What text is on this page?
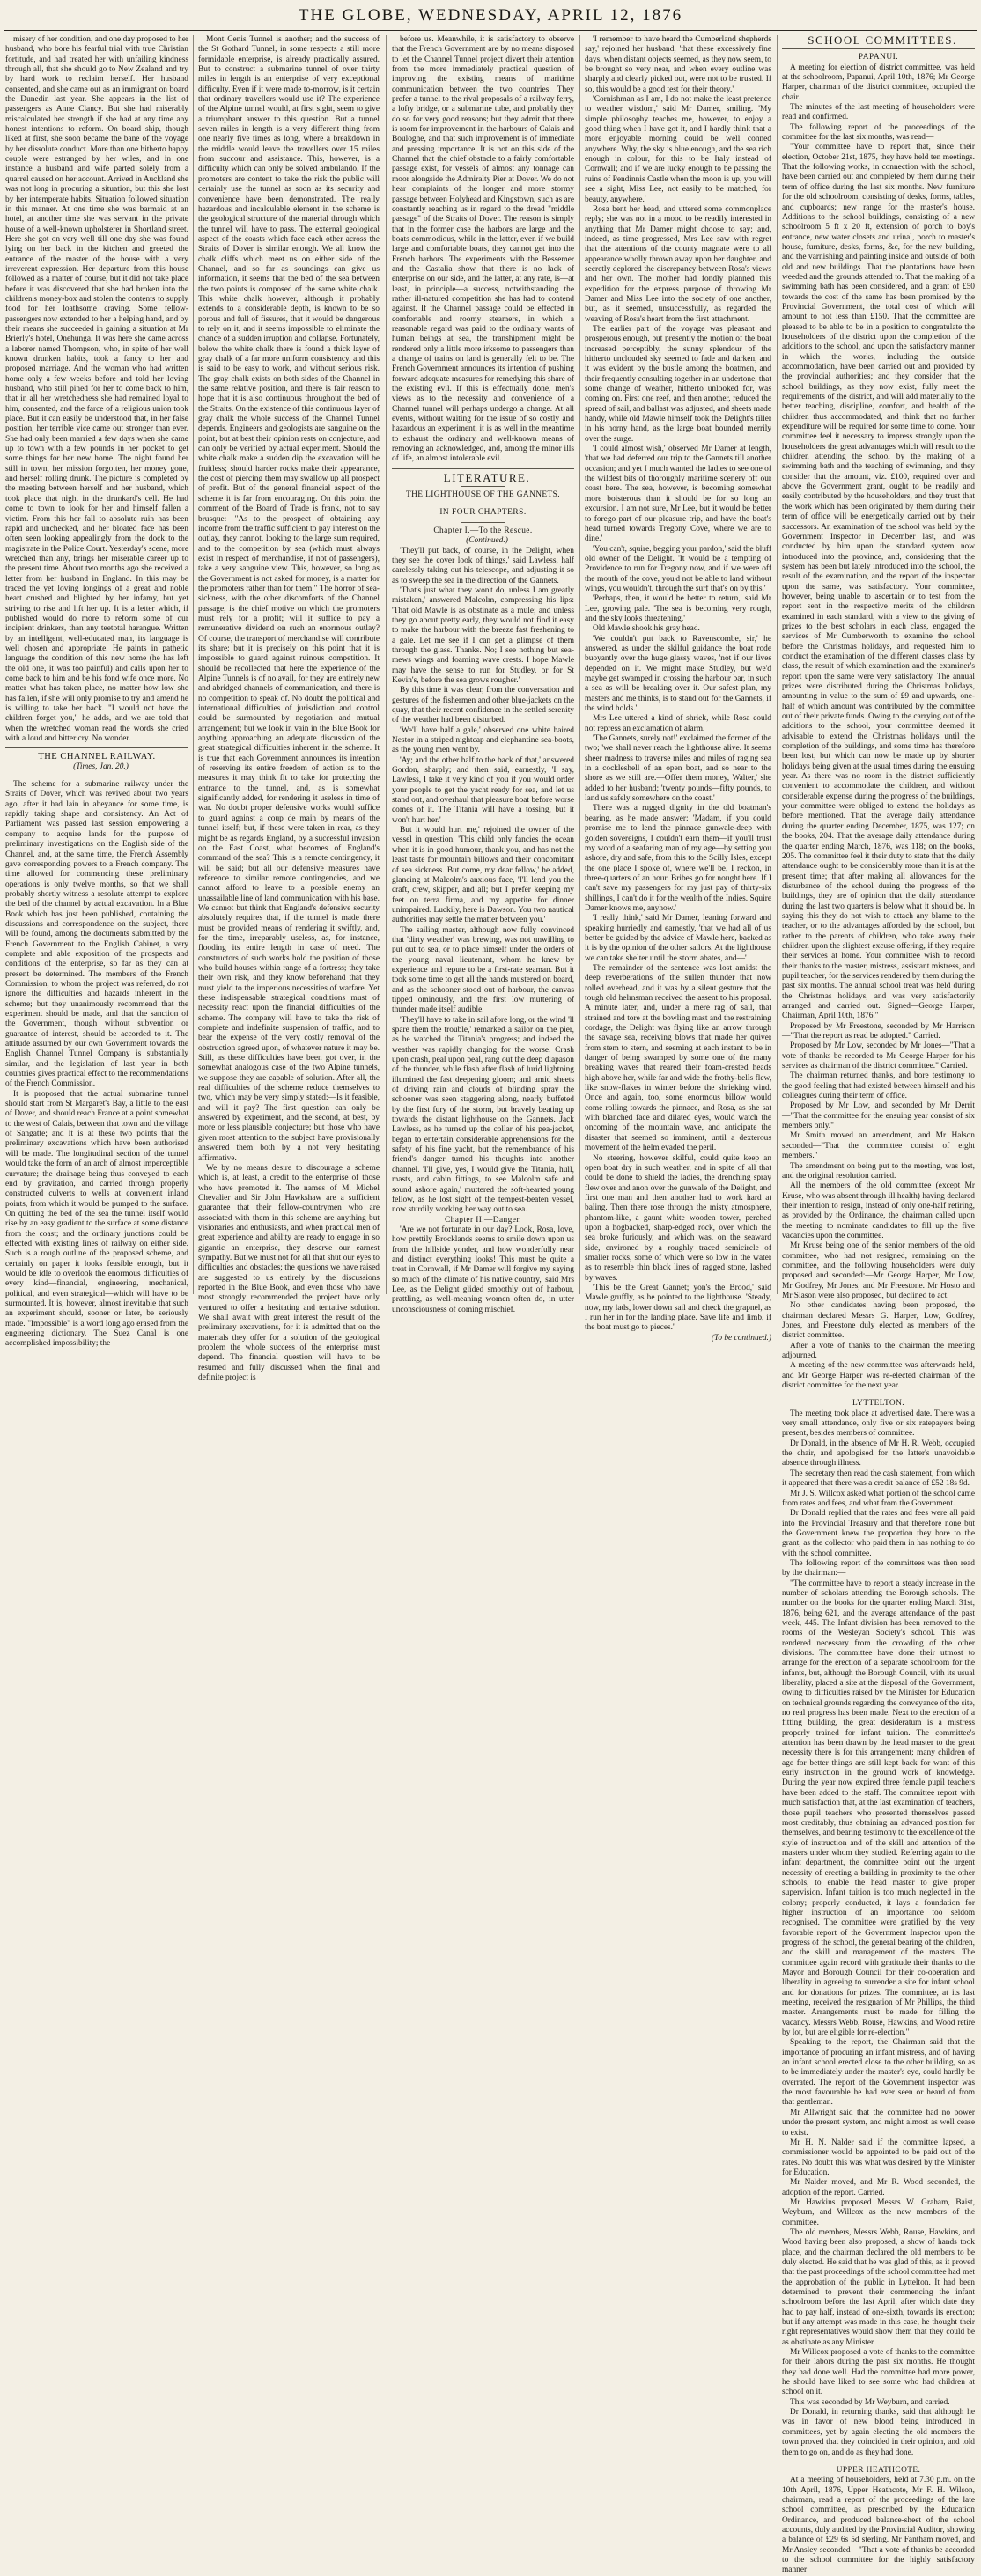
THE GLOBE, WEDNESDAY, APRIL 12, 1876

misery of her condition, and one day proposed to her husband, who bore his fearful trial with true Christian fortitude, and had treated her with unfailing kindness through all, that she should go to New Zealand and try by hard work to reclaim herself. Her husband consented, and she came out as an immigrant on board the Dunedin last year. She appears in the list of passengers as Anne Clancy. But she had miserably miscalculated her strength if she had at any time any honest intentions to reform. On board ship, though liked at first, she soon became the bane of the voyage by her dissolute conduct. More than one hitherto happy couple were estranged by her wiles, and in one instance a husband and wife parted solely from a quarrel caused on her account. Arrived in Auckland she was not long in procuring a situation, but this she lost by her intemperate habits. Situation followed situation in this manner. At one time she was barmaid at an hotel, at another time she was servant in the private house of a well-known upholsterer in Shortland street. Here she got on very well till one day she was found lying on her back in the kitchen and greeted the entrance of the master of the house with a very irreverent expression. Her departure from this house followed as a matter of course, but it did not take place before it was discovered that she had broken into the children's money-box and stolen the contents to supply food for her loathsome craving. Some fellow-passengers now extended to her a helping hand, and by their means she succeeded in gaining a situation at Mr Brierly's hotel, Onehunga. It was here she came across a laborer named Thompson, who, in spite of her well known drunken habits, took a fancy to her and proposed marriage. And the woman who had written home only a few weeks before and told her loving husband, who still pined for her to come back to him, that in all her wretchedness she had remained loyal to him, consented, and the farce of a religious union took place. But it can easily be understood that, in her false position, her terrible vice came out stronger than ever. She had only been married a few days when she came up to town with a few pounds in her pocket to get some things for her new home. The night found her still in town, her mission forgotten, her money gone, and herself rolling drunk. The picture is completed by the meeting between herself and her husband, which took place that night in the drunkard's cell. He had come to town to look for her and himself fallen a victim. From this her fall to absolute ruin has been rapid and unchecked, and her bloated face has been often seen looking appealingly from the dock to the magistrate in the Police Court. Yesterday's scene, more wretched than any, brings her miserable career up to the present time. About two months ago she received a letter from her husband in England. In this may be traced the yet loving longings of a great and noble heart crushed and blighted by her infamy, but yet striving to rise and lift her up. It is a letter which, if published would do more to reform some of our incipient drinkers, than any teetotal harangue. Written by an intelligent, well-educated man, its language is well chosen and appropriate. He paints in pathetic language the condition of this new home (he has left the old one, it was too painful) and calls upon her to come back to him and be his fond wife once more. No matter what has taken place, no matter how low she has fallen, if she will only promise to try and amend he is willing to take her back. "I would not have the children forget you," he adds, and we are told that when the wretched woman read the words she cried with a loud and bitter cry. No wonder.

THE CHANNEL RAILWAY.

(Times, Jan. 20.)

The scheme for a submarine railway under the Straits of Dover, which was revived about two years ago, after it had lain in abeyance for some time, is rapidly taking shape and consistency. An Act of Parliament was passed last session empowering a company to acquire lands for the purpose of preliminary investigations on the English side of the Channel, and, at the same time, the French Assembly gave corresponding powers to a French company. The time allowed for commencing these preliminary operations is only twelve months, so that we shall probably shortly witness a resolute attempt to explore the bed of the channel by actual excavation. In a Blue Book which has just been published, containing the discussions and correspondence on the subject, there will be found, among the documents submitted by the French Government to the English Cabinet, a very complete and able exposition of the prospects and conditions of the enterprise, so far as they can at present be determined. The members of the French Commission, to whom the project was referred, do not ignore the difficulties and hazards inherent in the scheme; but they unanimously recommend that the experiment should be made, and that the sanction of the Government, though without subvention or guarantee of interest, should be accorded to it. The attitude assumed by our own Government towards the English Channel Tunnel Company is substantially similar, and the legislation of last year in both countries gives practical effect to the recommendations of the French Commission.

It is proposed that the actual submarine tunnel should start from St Margaret's Bay, a little to the east of Dover, and should reach France at a point somewhat to the west of Calais, between that town and the village of Sangatte; and it is at these two points that the preliminary excavations which have been authorised will be made. The longitudinal section of the tunnel would take the form of an arch of almost imperceptible curvature; the drainage being thus conveyed to each end by gravitation, and carried through properly constructed culverts to wells at convenient inland points, from which it would be pumped to the surface. On quitting the bed of the sea the tunnel itself would rise by an easy gradient to the surface at some distance from the coast; and the ordinary junctions could be effected with existing lines of railway on either side. Such is a rough outline of the proposed scheme, and certainly on paper it looks feasible enough, but it would be idle to overlook the enormous difficulties of every kind—financial, engineering, mechanical, political, and even strategical—which will have to be surmounted. It is, however, almost inevitable that such an experiment should, sooner or later, be seriously made. "Impossible" is a word long ago erased from the engineering dictionary. The Suez Canal is one accomplished impossibility; the

Mont Cenis Tunnel is another; and the success of the St Gothard Tunnel, in some respects a still more formidable enterprise, is already practically assured. But to construct a submarine tunnel of over thirty miles in length is an enterprise of very exceptional difficulty. Even if it were made to-morrow, is it certain that ordinary travellers would use it? The experience of the Alpine tunnel would, at first sight, seem to give a triumphant answer to this question. But a tunnel seven miles in length is a very different thing from one nearly five times as long, where a breakdown in the middle would leave the travellers over 15 miles from succour and assistance. This, however, is a difficulty which can only be solved ambulando. If the promoters are content to take the risk the public will certainly use the tunnel as soon as its security and convenience have been demonstrated. The really hazardous and incalculable element in the scheme is the geological structure of the material through which the tunnel will have to pass. The external geological aspect of the coasts which face each other across the Straits of Dover is similar enough. We all know the chalk cliffs which meet us on either side of the Channel, and so far as soundings can give us information, it seems that the bed of the sea between the two points is composed of the same white chalk. This white chalk however, although it probably extends to a considerable depth, is known to be so porous and full of fissures, that it would be dangerous to rely on it, and it seems impossible to eliminate the chance of a sudden irruption and collapse. Fortunately, below the white chalk there is found a thick layer of gray chalk of a far more uniform consistency, and this is said to be easy to work, and without serious risk. The gray chalk exists on both sides of the Channel in the same relative position, and there is fair reason to hope that it is also continuous throughout the bed of the Straits. On the existence of this continuous layer of gray chalk the whole success of the Channel Tunnel depends. Engineers and geologists are sanguine on the point, but at best their opinion rests on conjecture, and can only be verified by actual experiment. Should the white chalk make a sudden dip the excavation will be fruitless; should harder rocks make their appearance, the cost of piercing them may swallow up all prospect of profit. But of the general financial aspect of the scheme it is far from encouraging. On this point the comment of the Board of Trade is frank, not to say brusque:—"As to the prospect of obtaining any income from the traffic sufficient to pay interest on the outlay, they cannot, looking to the large sum required, and to the competition by sea (which must always exist in respect of merchandise, if not of passengers), take a very sanguine view. This, however, so long as the Government is not asked for money, is a matter for the promoters rather than for them." The horror of sea-sickness, with the other discomforts of the Channel passage, is the chief motive on which the promoters must rely for a profit; will it suffice to pay a remunerative dividend on such an enormous outlay? Of course, the transport of merchandise will contribute its share; but it is precisely on this point that it is impossible to guard against ruinous competition. It should be recollected that here the experience of the Alpine Tunnels is of no avail, for they are entirely new and abridged channels of communication, and there is no competition to speak of. No doubt the political and international difficulties of jurisdiction and control could be surmounted by negotiation and mutual arrangement; but we look in vain in the Blue Book for anything approaching an adequate discussion of the great strategical difficulties inherent in the scheme. It is true that each Government announces its intention of reserving its entire freedom of action as to the measures it may think fit to take for protecting the entrance to the tunnel, and, as is somewhat significantly added, for rendering it useless in time of war. No doubt proper defensive works would suffice to guard against a coup de main by means of the tunnel itself; but, if these were taken in rear, as they might be as regards England, by a successful invasion on the East Coast, what becomes of England's command of the sea? This is a remote contingency, it will be said; but all our defensive measures have reference to similar remote contingencies, and we cannot afford to leave to a possible enemy an unassailable line of land communication with his base. We cannot but think that England's defensive security absolutely requires that, if the tunnel is made there must be provided means of rendering it swiftly, and, for the time, irreparably useless, as, for instance, flooding its entire length in case of need. The constructors of such works hold the position of those who build houses within range of a fortress; they take their own risk, and they know beforehand that they must yield to the imperious necessities of warfare. Yet these indispensable strategical conditions must of necessity react upon the financial difficulties of the scheme. The company will have to take the risk of complete and indefinite suspension of traffic, and to bear the expense of the very costly removal of the obstruction agreed upon, of whatever nature it may be. Still, as these difficulties have been got over, in the somewhat analogous case of the two Alpine tunnels, we suppose they are capable of solution. After all, the real difficulties of the scheme reduce themselves to two, which may be very simply stated:—Is it feasible, and will it pay? The first question can only be answered by experiment, and the second, at best, by more or less plausible conjecture; but those who have given most attention to the subject have provisionally answered them both by a not very hesitating affirmative.

We by no means desire to discourage a scheme which is, at least, a credit to the enterprise of those who have promoted it. The names of M. Michel Chevalier and Sir John Hawkshaw are a sufficient guarantee that their fellow-countrymen who are associated with them in this scheme are anything but visionaries and enthusiasts, and when practical men of great experience and ability are ready to engage in so gigantic an enterprise, they deserve our earnest sympathy. But we must not for all that shut our eyes to difficulties and obstacles; the questions we have raised are suggested to us entirely by the discussions reported in the Blue Book, and even those who have most strongly recommended the project have only ventured to offer a hesitating and tentative solution. We shall await with great interest the result of the preliminary excavations, for it is admitted that on the materials they offer for a solution of the geological problem the whole success of the enterprise must depend. The financial question will have to be resumed and fully discussed when the final and definite project is

before us. Meanwhile, it is satisfactory to observe that the French Government are by no means disposed to let the Channel Tunnel project divert their attention from the more immediately practical question of improving the existing means of maritime communication between the two countries. They prefer a tunnel to the rival proposals of a railway ferry, a lofty bridge, or a submarine tube, and probably they do so for very good reasons; but they admit that there is room for improvement in the harbours of Calais and Boulogne, and that such improvement is of immediate and pressing importance. It is not on this side of the Channel that the chief obstacle to a fairly comfortable passage exist, for vessels of almost any tonnage can moor alongside the Admiralty Pier at Dover. We do not hear complaints of the longer and more stormy passage between Holyhead and Kingstown, such as are constantly reaching us in regard to the dread "middle passage" of the Straits of Dover. The reason is simply that in the former case the harbors are large and the boats commodious, while in the latter, even if we build large and comfortable boats, they cannot get into the French harbors. The experiments with the Bessemer and the Castalia show that there is no lack of enterprise on our side, and the latter, at any rate, is—at least, in principle—a success, notwithstanding the rather ill-natured competition she has had to contend against. If the Channel passage could be effected in comfortable and roomy steamers, in which a reasonable regard was paid to the ordinary wants of human beings at sea, the transhipment might be rendered only a little more irksome to passengers than a change of trains on land is generally felt to be. The French Government announces its intention of pushing forward adequate measures for remedying this share of the existing evil. If this is effectually done, men's views as to the necessity and convenience of a Channel tunnel will perhaps undergo a change. At all events, without waiting for the issue of so costly and hazardous an experiment, it is as well in the meantime to exhaust the ordinary and well-known means of removing an acknowledged, and, among the minor ills of life, an almost intolerable evil.

LITERATURE.

THE LIGHTHOUSE OF THE GANNETS.

IN FOUR CHAPTERS.

Chapter I.—To the Rescue.

(Continued.)

'They'll put back, of course, in the Delight, when they see the cover look of things,' said Lawless, half carelessly taking out his telescope, and adjusting it so as to sweep the sea in the direction of the Gannets.

'That's just what they won't do, unless I am greatly mistaken,' answered Malcolm, compressing his lips: 'That old Mawle is as obstinate as a mule; and unless they go about pretty early, they would not find it easy to make the harbour with the breeze fast freshening to a gale. Let me see if I can get a glimpse of them through the glass. Thanks. No; I see nothing but sea-mews wings and foaming wave crests. I hope Mawle may have the sense to run for Studley, or for St Kevin's, before the sea grows rougher.'

By this time it was clear, from the conversation and gestures of the fishermen and other blue-jackets on the quay, that their recent confidence in the settled serenity of the weather had been disturbed.

'We'll have half a gale,' observed one white haired Nestor in a striped nightcap and elephantine sea-boots, as the young men went by.

'Ay; and the other half to the back of that,' answered Gordon, sharply; and then said, earnestly, 'I say, Lawless, I take it very kind of you if you would order your people to get the yacht ready for sea, and let us stand out, and overhaul that pleasure boat before worse comes of it. The Titania will have a tossing, but it won't hurt her.'

But it would hurt me,' rejoined the owner of the vessel in question. 'This child only fancies the ocean when it is in good humour, thank you, and has not the least taste for mountain billows and their concomitant of sea sickness. But come, my dear fellow,' he added, glancing at Malcolm's anxious face, 'I'll lend you the craft, crew, skipper, and all; but I prefer keeping my feet on terra firma, and my appetite for dinner unimpaired. Luckily, here is Dawson. You two nautical authorities may settle the matter between you.'

The sailing master, although now fully convinced that 'dirty weather' was brewing, was not unwilling to put out to sea, or to place himself under the orders of the young naval lieutenant, whom he knew by experience and repute to be a first-rate seaman. But it took some time to get all the hands mustered on board, and as the schooner stood out of harbour, the canvas tipped ominously, and the first low muttering of thunder made itself audible.

'They'll have to take in sail afore long, or the wind 'll spare them the trouble,' remarked a sailor on the pier, as he watched the Titania's progress; and indeed the weather was rapidly changing for the worse. Crash upon crash, peal upon peal, rang out the deep diapason of the thunder, while flash after flash of lurid lightning illumined the fast deepening gloom; and amid sheets of driving rain and clouds of blinding spray the schooner was seen staggering along, nearly buffeted by the first fury of the storm, but bravely beating up towards the distant lighthouse on the Gannets. Jack Lawless, as he turned up the collar of his pea-jacket, began to entertain considerable apprehensions for the safety of his fine yacht, but the remembrance of his friend's danger turned his thoughts into another channel. 'I'll give, yes, I would give the Titania, hull, masts, and cabin fittings, to see Malcolm safe and sound ashore again,' muttered the soft-hearted young fellow, as he lost sight of the tempest-beaten vessel, now sturdily working her way out to sea.

Chapter II.—Danger.

'Are we not fortunate in our day? Look, Rosa, love, how prettily Brocklands seems to smile down upon us from the hillside yonder, and how wonderfully near and distinct everything looks! This must be quite a treat in Cornwall, if Mr Damer will forgive my saying so much of the climate of his native country,' said Mrs Lee, as the Delight glided smoothly out of harbour, prattling, as well-meaning women often do, in utter unconsciousness of coming mischief.

'I remember to have heard the Cumberland shepherds say,' rejoined her husband, 'that these excessively fine days, when distant objects seemed, as they now seem, to be brought so very near, and when every outline was sharply and clearly picked out, were not to be trusted. If so, this would be a good test for their theory.'

'Cornishman as I am, I do not make the least pretence to weather wisdom,' said Mr Damer, smiling. 'My simple philosophy teaches me, however, to enjoy a good thing when I have got it, and I hardly think that a more enjoyable morning could be well conned anywhere. Why, the sky is blue enough, and the sea rich enough in colour, for this to be Italy instead of Cornwall; and if we are lucky enough to be passing the ruins of Pendinnis Castle when the moon is up, you will see a sight, Miss Lee, not easily to be matched, for beauty, anywhere.'

Rosa bent her head, and uttered some commonplace reply; she was not in a mood to be readily interested in anything that Mr Damer might choose to say; and, indeed, as time progressed, Mrs Lee saw with regret that the attentions of the county magnate were to all appearance wholly thrown away upon her daughter, and secretly deplored the discrepancy between Rosa's views and her own. The mother had fondly planned this expedition for the express purpose of throwing Mr Damer and Miss Lee into the society of one another, but, as it seemed, unsuccessfully, as regarded the weaving of Rosa's heart from the first attachment.

The earlier part of the voyage was pleasant and prosperous enough, but presently the motion of the boat increased perceptibly, the sunny splendour of the hitherto unclouded sky seemed to fade and darken, and it was evident by the bustle among the boatmen, and their frequently consulting together in an undertone, that some change of weather, hitherto unlooked for, was coming on. First one reef, and then another, reduced the spread of sail, and ballast was adjusted, and sheets made handy, while old Mawle himself took the Delight's tiller in his horny hand, as the large boat bounded merrily over the surge.

'I could almost wish,' observed Mr Damer at length, 'that we had deferred our trip to the Gannets till another occasion; and yet I much wanted the ladies to see one of the wildest bits of thoroughly maritime scenery off our coast here. The sea, however, is becoming somewhat more boisterous than it should be for so long an excursion. I am not sure, Mr Lee, but it would be better to forego part of our pleasure trip, and have the boat's head turned towards Tregony Cove, where we are to dine.'

'You can't, squire, begging your pardon,' said the bluff old owner of the Delight. 'It would be a tempting of Providence to run for Tregony now, and if we were off the mouth of the cove, you'd not be able to land without wings, you wouldn't, through the surf that's on by this.'

'Perhaps, then, it would be better to return,' said Mr Lee, growing pale. 'The sea is becoming very rough, and the sky looks threatening.'

Old Mawle shook his gray head.

'We couldn't put back to Ravenscombe, sir,' he answered, as under the skilful guidance the boat rode buoyantly over the huge glassy waves, 'not if our lives depended on it. We might make Studley, but we'd maybe get swamped in crossing the harbour bar, in such a sea as will be breaking over it. Our safest plan, my masters and me thinks, is to stand out for the Gannets, if the wind holds.'

Mrs Lee uttered a kind of shriek, while Rosa could not repress an exclamation of alarm.

'The Gannets, surely not!' exclaimed the former of the two; 'we shall never reach the lighthouse alive. It seems sheer madness to traverse miles and miles of raging sea in a cockleshell of an open boat, and so near to the shore as we still are.—Offer them money, Walter,' she added to her husband; 'twenty pounds—fifty pounds, to land us safely somewhere on the coast.'

There was a rugged dignity in the old boatman's bearing, as he made answer: 'Madam, if you could promise me to lend the pinnace gunwale-deep with golden sovereigns, I couldn't earn them—if you'll trust my word of a seafaring man of my age—by setting you ashore, dry and safe, from this to the Scilly Isles, except the one place I spoke of, where we'll be, I reckon, in three-quarters of an hour. Bribes go for nought here. If I can't save my passengers for my just pay of thirty-six shillings, I can't do it for the wealth of the Indies. Squire Damer knows me, anyhow.'

'I really think,' said Mr Damer, leaning forward and speaking hurriedly and earnestly, 'that we had all of us better be guided by the advice of Mawle here, backed as it is by the opinion of the other sailors. At the lighthouse we can take shelter until the storm abates, and—'

The remainder of the sentence was lost amidst the deep reverberations of the sullen thunder that now rolled overhead, and it was by a silent gesture that the tough old helmsman received the assent to his proposal. A minute later, and, under a mere rag of sail, that strained and tore at the bowling mast and the restraining cordage, the Delight was flying like an arrow through the savage sea, receiving blows that made her quiver from stem to stern, and seeming at each instant to be in danger of being swamped by some one of the many breaking waves that reared their foam-crested heads high above her, while far and wide the frothy-bells flew, like snow-flakes in winter before the shrieking wind. Once and again, too, some enormous billow would come rolling towards the pinnace, and Rosa, as she sat with blanched face and dilated eyes, would watch the oncoming of the mountain wave, and anticipate the disaster that seemed so imminent, until a dexterous movement of the helm evaded the peril.

No steering, however skilful, could quite keep an open boat dry in such weather, and in spite of all that could be done to shield the ladies, the drenching spray flew over and anon over the gunwale of the Delight, and first one man and then another had to work hard at baling. Then there rose through the misty atmosphere, phantom-like, a gaunt white wooden tower, perched upon a hogbacked, sharp-edged rock, over which the sea broke furiously, and which was, on the seaward side, environed by a roughly traced semicircle of smaller rocks, some of which were so low in the water as to resemble thin black lines of ragged stone, lashed by waves.

'This be the Great Gannet; yon's the Brood,' said Mawle gruffly, as he pointed to the lighthouse. 'Steady, now, my lads, lower down sail and check the grapnel, as I run her in for the landing place. Save life and limb, if the boat must go to pieces.'

(To be continued.)

SCHOOL COMMITTEES.

PAPANUI.

A meeting for election of district committee, was held at the schoolroom, Papanui, April 10th, 1876; Mr George Harper, chairman of the district committee, occupied the chair.

The minutes of the last meeting of householders were read and confirmed.

The following report of the proceedings of the committee for the last six months, was read—

"Your committee have to report that, since their election, October 21st, 1875, they have held ten meetings. That the following works, in connection with the school, have been carried out and completed by them during their term of office during the last six months. New furniture for the old schoolroom, consisting of desks, forms, tables, and cupboards; new range for the master's house. Additions to the school buildings, consisting of a new schoolroom 5 ft x 20 ft, extension of porch to boy's entrance, new water closets and urinal, porch to master's house, furniture, desks, forms, &c, for the new building, and the varnishing and painting inside and outside of both old and new buildings. That the plantations have been weeded and the grounds attended to. That the making of a swimming bath has been considered, and a grant of £50 towards the cost of the same has been promised by the Provincial Government, the total cost of which will amount to not less than £150. That the committee are pleased to be able to be in a position to congratulate the householders of the district upon the completion of the additions to the school, and upon the satisfactory manner in which the works, including the outside accommodation, have been carried out and provided by the provincial authorities; and they consider that the school buildings, as they now exist, fully meet the requirements of the district, and will add materially to the better teaching, discipline, comfort, and health of the children thus accommodated, and think that no further expenditure will be required for some time to come. Your committee feel it necessary to impress strongly upon the householders the great advantages which will result to the children attending the school by the making of a swimming bath and the teaching of swimming, and they consider that the amount, viz. £100, required over and above the Government grant, ought to be readily and easily contributed by the householders, and they trust that the work which has been originated by them during their term of office will be energetically carried out by their successors. An examination of the school was held by the Government Inspector in December last, and was conducted by him upon the standard system now introduced into the province, and, considering that the system has been but lately introduced into the school, the result of the examination, and the report of the inspector upon the same, was satisfactory. Your committee, however, being unable to ascertain or to test from the report sent in the respective merits of the children examined in each standard, with a view to the giving of prizes to the best scholars in each class, engaged the services of Mr Cumberworth to examine the school before the Christmas holidays, and requested him to conduct the examination of the different classes class by class, the result of which examination and the examiner's report upon the same were very satisfactory. The annual prizes were distributed during the Christmas holidays, amounting in value to the sum of £9 and upwards, one-half of which amount was contributed by the committee out of their private funds. Owing to the carrying out of the additions to the school, your committee deemed it advisable to extend the Christmas holidays until the completion of the buildings, and some time has therefore been lost, but which can now be made up by shorter holidays being given at the usual times during the ensuing year. As there was no room in the district sufficiently convenient to accommodate the children, and without considerable expense during the progress of the buildings, your committee were obliged to extend the holidays as before mentioned. That the average daily attendance during the quarter ending December, 1875, was 127; on the books, 204. That the average daily attendance during the quarter ending March, 1876, was 118; on the books, 205. The committee feel it their duty to state that the daily attendance ought to be considerably more than it is at the present time; that after making all allowances for the disturbance of the school during the progress of the buildings, they are of opinion that the daily attendance during the last two quarters is below what it should be. In saying this they do not wish to attach any blame to the teacher, or to the advantages afforded by the school, but rather to the parents of children, who take away their children upon the slightest excuse offering, if they require their services at home. Your committee wish to record their thanks to the master, mistress, assistant mistress, and pupil teacher, for the services rendered by them during the past six months. The annual school treat was held during the Christmas holidays, and was very satisfactorily arranged and carried out. Signed—George Harper, Chairman, April 10th, 1876."

Proposed by Mr Freestone, seconded by Mr Harrison—"That the report as read be adopted." Carried.

Proposed by Mr Low, seconded by Mr Jones—"That a vote of thanks be recorded to Mr George Harper for his services as chairman of the district committee." Carried.

The chairman returned thanks, and bore testimony to the good feeling that had existed between himself and his colleagues during their term of office.

Proposed by Mr Low, and seconded by Mr Derrit—"That the committee for the ensuing year consist of six members only."

Mr Smith moved an amendment, and Mr Halson seconded—"That the committee consist of eight members."

The amendment on being put to the meeting, was lost, and the original resolution carried.

All the members of the old committee (except Mr Kruse, who was absent through ill health) having declared their intention to resign, instead of only one-half retiring, as provided by the Ordinance, the chairman called upon the meeting to nominate candidates to fill up the five vacancies upon the committee.

Mr Kruse being one of the senior members of the old committee, who had not resigned, remaining on the committee, and the following householders were duly proposed and seconded:—Mr George Harper, Mr Low, Mr Godfrey, Mr Jones, and Mr Freestone. Mr Hosto and Mr Slason were also proposed, but declined to act.

No other candidates having been proposed, the chairman declared Messrs G. Harper, Low, Godfrey, Jones, and Freestone duly elected as members of the district committee.

After a vote of thanks to the chairman the meeting adjourned.

A meeting of the new committee was afterwards held, and Mr George Harper was re-elected chairman of the district committee for the next year.

LYTTELTON.

The meeting took place at advertised date. There was a very small attendance, only five or six ratepayers being present, besides members of committee.

Dr Donald, in the absence of Mr H. R. Webb, occupied the chair, and apologised for the latter's unavoidable absence through illness.

The secretary then read the cash statement, from which it appeared that there was a credit balance of £52 18s 9d.

Mr J. S. Willcox asked what portion of the school came from rates and fees, and what from the Government.

Dr Donald replied that the rates and fees were all paid into the Provincial Treasury and that therefore none but the Government knew the proportion they bore to the grant, as the collector who paid them in has nothing to do with the school committee.

The following report of the committees was then read by the chairman:—

"The committee have to report a steady increase in the number of scholars attending the Borough schools. The number on the books for the quarter ending March 31st, 1876, being 621, and the average attendance of the past week, 445. The Infant division has been removed to the rooms of the Wesleyan Society's school. This was rendered necessary from the crowding of the other divisions. The committee have done their utmost to arrange for the erection of a separate schoolroom for the infants, but, although the Borough Council, with its usual liberality, placed a site at the disposal of the Government, owing to difficulties raised by the Minister for Education on technical grounds regarding the conveyance of the site, no real progress has been made. Next to the erection of a fitting building, the great desideratum is a mistress properly trained for infant tuition. The committee's attention has been drawn by the head master to the great necessity there is for this arrangement; many children of age for better things are still kept back for want of this early instruction in the ground work of knowledge. During the year now expired three female pupil teachers have been added to the staff. The committee report with much satisfaction that, at the last examination of teachers, those pupil teachers who presented themselves passed most creditably, thus obtaining an advanced position for themselves, and bearing testimony to the excellence of the style of instruction and of the skill and attention of the masters under whom they studied. Referring again to the infant department, the committee point out the urgent necessity of erecting a building in proximity to the other schools, to enable the head master to give proper supervision. Infant tuition is too much neglected in the colony; properly conducted, it lays a foundation for higher instruction of an importance too seldom recognised. The committee were gratified by the very favorable report of the Government Inspector upon the progress of the school, the general bearing of the children, and the skill and management of the masters. The committee again record with gratitude their thanks to the Mayor and Borough Council for their co-operation and liberality in agreeing to surrender a site for infant school and for donations for prizes. The committee, at its last meeting, received the resignation of Mr Phillips, the third master. Arrangements must be made for filling the vacancy. Messrs Webb, Rouse, Hawkins, and Wood retire by lot, but are eligible for re-election."

Speaking to the report, the Chairman said that the importance of procuring an infant mistress, and of having an infant school erected close to the other building, so as to be immediately under the master's eye, could hardly be overrated. The report of the Government inspector was the most favourable he had ever seen or heard of from that gentleman.

Mr Allwright said that the committee had no power under the present system, and might almost as well cease to exist.

Mr H. N. Nalder said if the committee lapsed, a commissioner would be appointed to be paid out of the rates. No doubt this was what was desired by the Minister for Education.

Mr Nalder moved, and Mr R. Wood seconded, the adoption of the report. Carried.

Mr Hawkins proposed Messrs W. Graham, Baist, Weyburn, and Willcox as the new members of the committee.

The old members, Messrs Webb, Rouse, Hawkins, and Wood having been also proposed, a show of hands took place, and the chairman declared the old members to be duly elected. He said that he was glad of this, as it proved that the past proceedings of the school committee had met the approbation of the public in Lyttelton. It had been determined to prevent their commencing the infant schoolroom before the last April, after which date they had to pay half, instead of one-sixth, towards its erection; but if any attempt was made in this case, he thought their right representatives would show them that they could be as obstinate as any Minister.

Mr Willcox proposed a vote of thanks to the committee for their labors during the past six months. He thought they had done well. Had the committee had more power, he should have liked to see some who had children at school on it.

This was seconded by Mr Weyburn, and carried.

Dr Donald, in returning thanks, said that although he was in favor of new blood being introduced in committees, yet by again electing the old members the town proved that they coincided in their opinion, and told them to go on, and do as they had done.

UPPER HEATHCOTE.

At a meeting of householders, held at 7.30 p.m. on the 10th April, 1876, Upper Heathcote, Mr F. H. Wilson, chairman, read a report of the proceedings of the late school committee, as prescribed by the Education Ordinance, and produced balance-sheet of the school accounts, duly audited by the Provincial Auditor, showing a balance of £29 6s 5d sterling. Mr Fantham moved, and Mr Ansley seconded—"That a vote of thanks be accorded to the school committee for the highly satisfactory manner
